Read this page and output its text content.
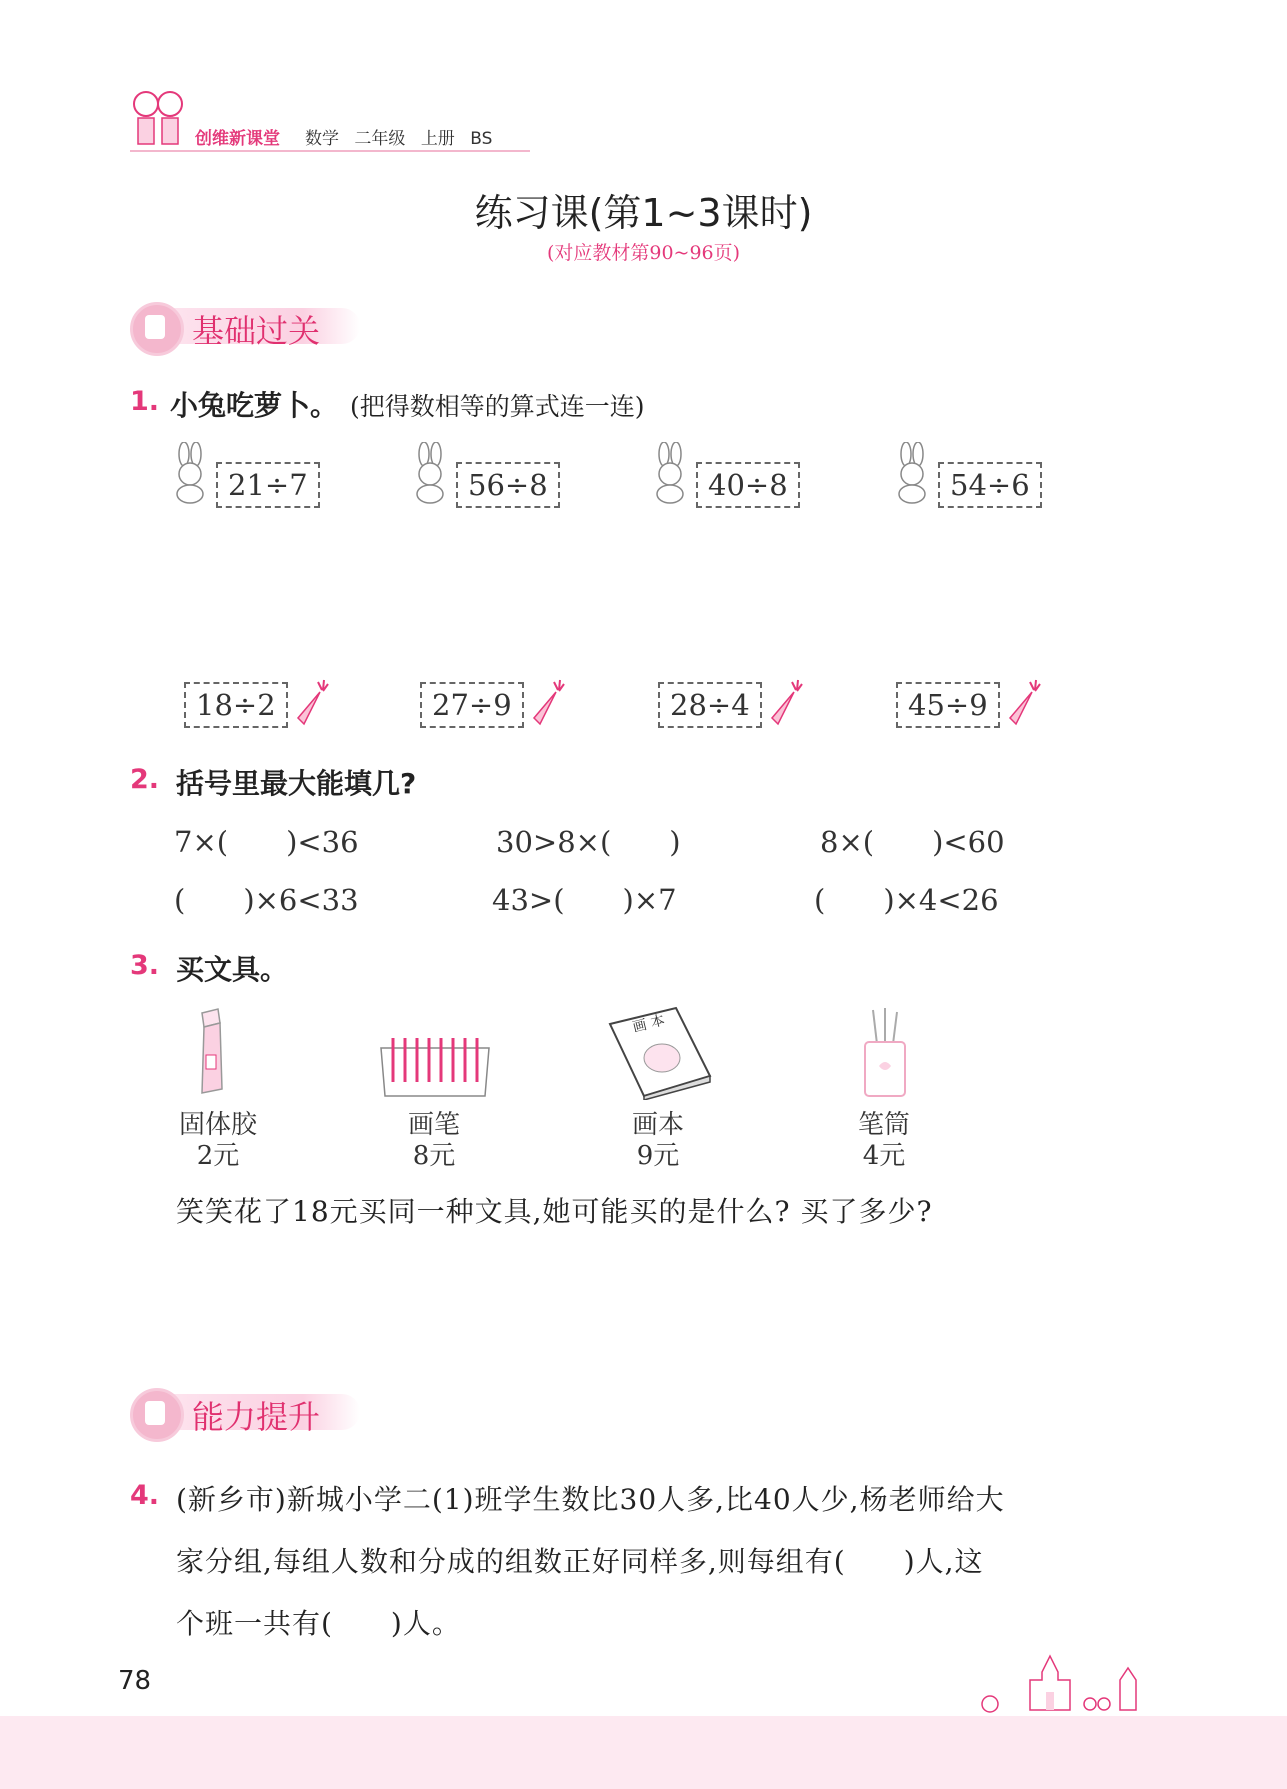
创维新课堂 数学 二年级 上册 BS
练习课(第1~3课时)
(对应教材第90~96页)
基础过关
1. 小兔吃萝卜。 (把得数相等的算式连一连)
21÷7	56÷8	40÷8	54÷6
18÷2	27÷9	28÷4	45÷9
2. 括号里最大能填几?
7×(　　)<36	30>8×(　　)	8×(　　)<60
(　　)×6<33	43>(　　)×7	(　　)×4<26
3. 买文具。
画 本
固体胶
2元
画笔
8元
画本
9元
笔筒
4元
笑笑花了18元买同一种文具,她可能买的是什么? 买了多少?
能力提升
4. (新乡市)新城小学二(1)班学生数比30人多,比40人少,杨老师给大
家分组,每组人数和分成的组数正好同样多,则每组有(　　)人,这
个班一共有(　　)人。
78
